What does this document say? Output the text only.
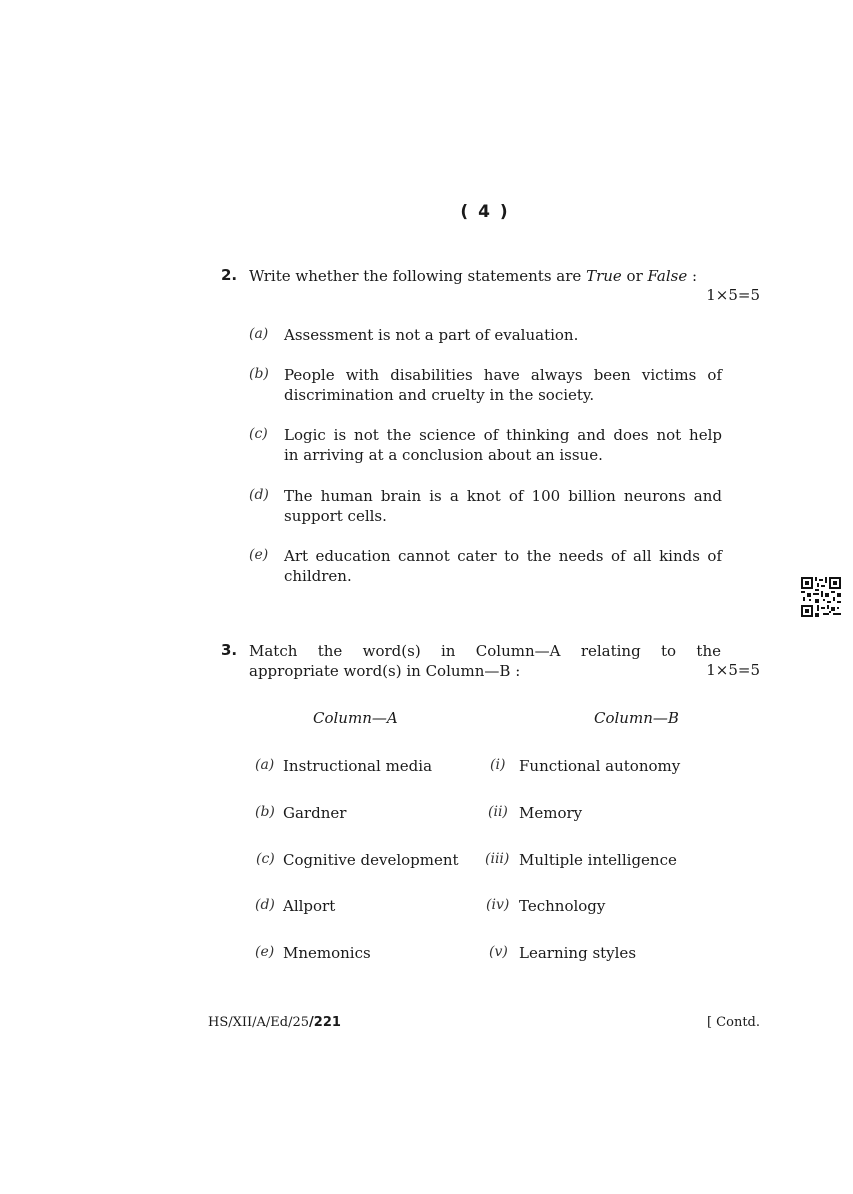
( 4 )
2. Write whether the following statements are True or False :
1×5=5
(a) Assessment is not a part of evaluation.
(b) People with disabilities have always been victims of
discrimination and cruelty in the society.
(c) Logic is not the science of thinking and does not help
in arriving at a conclusion about an issue.
(d) The human brain is a knot of 100 billion neurons and
support cells.
(e) Art education cannot cater to the needs of all kinds of
children.
3. Match the word(s) in Column—A relating to the
appropriate word(s) in Column—B :	1×5=5
Column—A	Column—B
(a) Instructional media	(i) Functional autonomy
(b) Gardner	(ii) Memory
(c) Cognitive development (iii) Multiple intelligence
(d) Allport	(iv) Technology
(e) Mnemonics	(v) Learning styles
HS/XII/A/Ed/25/221	[ Contd.
